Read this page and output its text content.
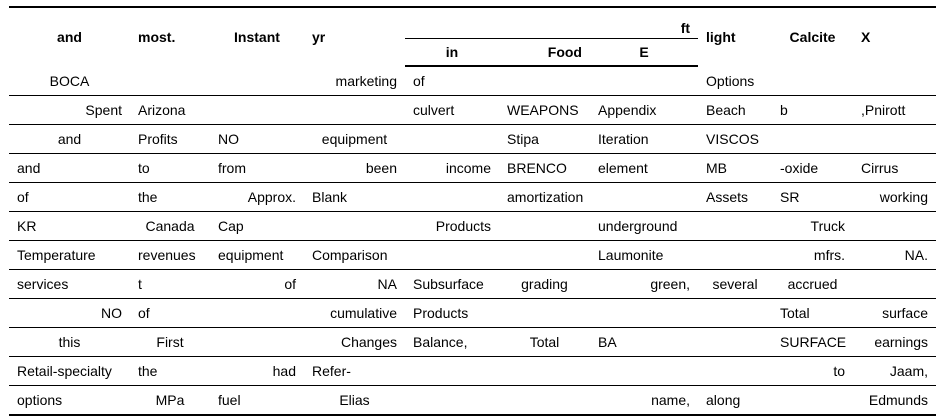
and	most.	Instant	yr	ft			light	Calcite	X
				in	Food	E			
BOCA			marketing	of			Options		
Spent	Arizona			culvert	WEAPONS	Appendix	Beach	b	,Pnirott
and	Profits	NO	equipment		Stipa	Iteration	VISCOS		
and	to	from	been	income	BRENCO	element	MB	-oxide	Cirrus
of	the	Approx.	Blank		amortization		Assets	SR	working
KR	Canada	Cap		Products		underground		Truck	
Temperature	revenues	equipment	Comparison			Laumonite		mfrs.	NA.
services	t	of	NA	Subsurface	grading	green,	several	accrued	
NO	of		cumulative	Products				Total	surface
this	First		Changes	Balance,	Total	BA		SURFACE	earnings
Retail-specialty	the	had	Refer-					to	Jaam,
options	MPa	fuel	Elias			name,	along		Edmunds
